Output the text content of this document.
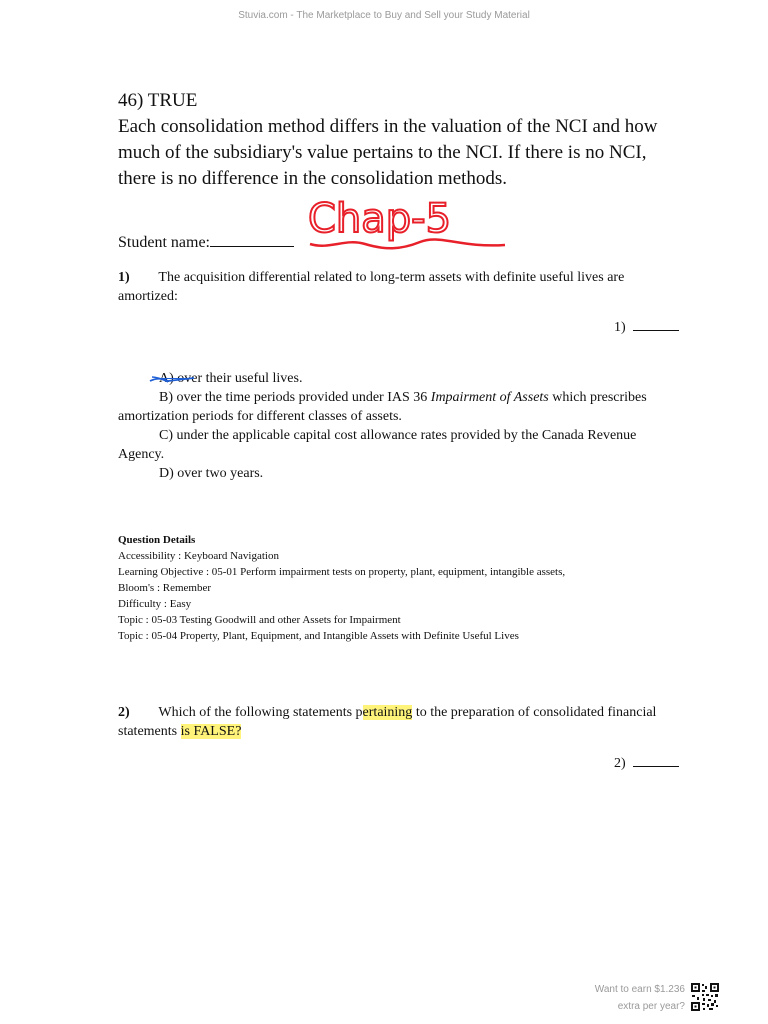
Stuvia.com - The Marketplace to Buy and Sell your Study Material
46) TRUE
Each consolidation method differs in the valuation of the NCI and how
much of the subsidiary's value pertains to the NCI. If there is no NCI,
there is no difference in the consolidation methods.
Student name:
Chap-5
1) The acquisition differential related to long-term assets with definite useful lives are
amortized:
1)
A) over their useful lives.
B) over the time periods provided under IAS 36 Impairment of Assets which prescribes
amortization periods for different classes of assets.
C) under the applicable capital cost allowance rates provided by the Canada Revenue
Agency.
D) over two years.
Question Details
Accessibility : Keyboard Navigation
Learning Objective : 05-01 Perform impairment tests on property, plant, equipment, intangible assets,
Bloom's : Remember
Difficulty : Easy
Topic : 05-03 Testing Goodwill and other Assets for Impairment
Topic : 05-04 Property, Plant, Equipment, and Intangible Assets with Definite Useful Lives
2) Which of the following statements pertaining to the preparation of consolidated financial
statements is FALSE?
2)
Want to earn $1.236
extra per year?
